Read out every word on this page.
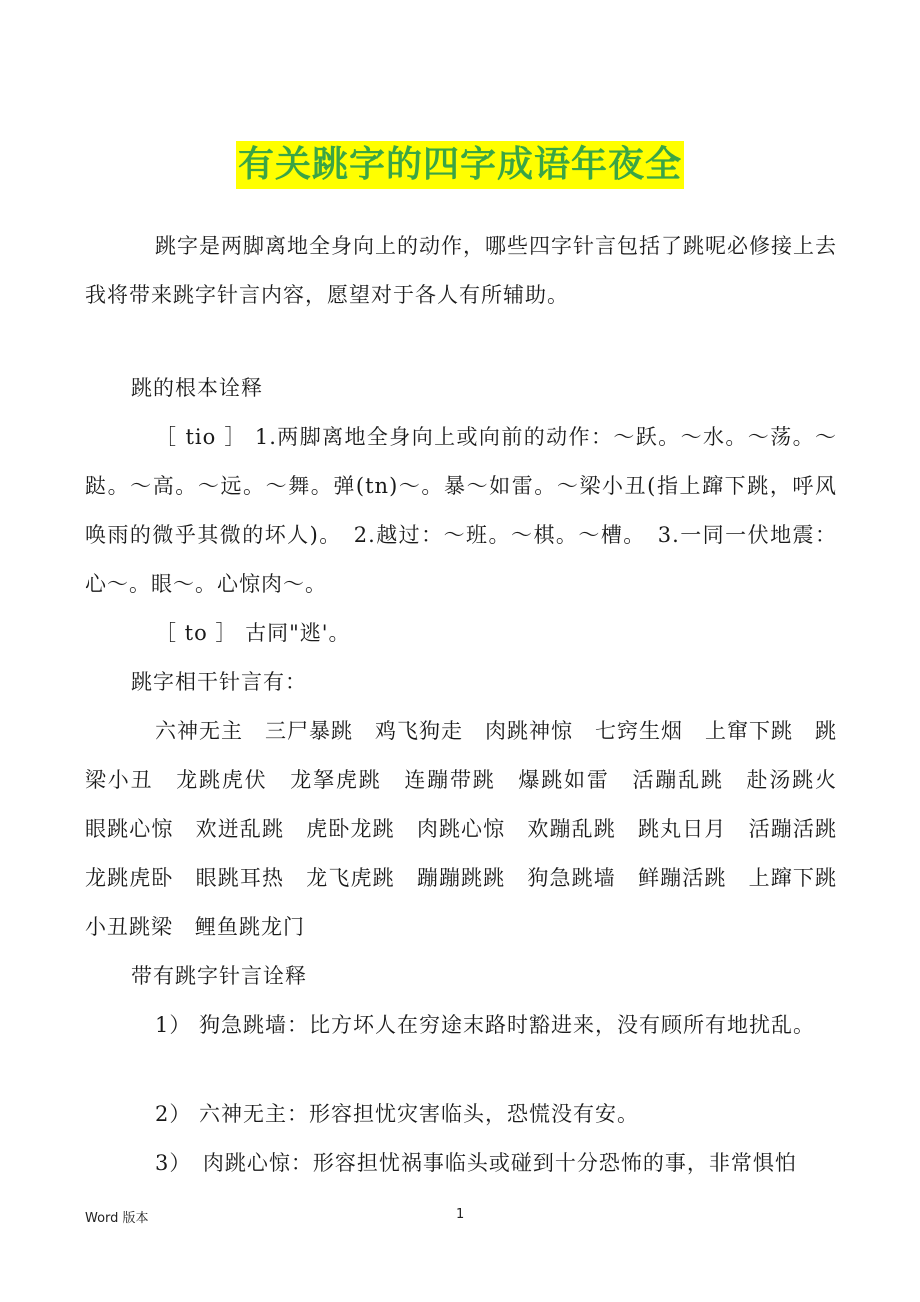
有关跳字的四字成语年夜全

跳字是两脚离地全身向上的动作，哪些四字针言包括了跳呢必修接上去我将带来跳字针言内容，愿望对于各人有所辅助。

跳的根本诠释

［ tio ］ 1.两脚离地全身向上或向前的动作：～跃。～水。～荡。～跶。～高。～远。～舞。弹(tn)～。暴～如雷。～梁小丑(指上蹿下跳，呼风唤雨的微乎其微的坏人)。　2.越过：～班。～棋。～槽。　3.一同一伏地震：心～。眼～。心惊肉～。

［ to ］ 古同"逃'。

跳字相干针言有：

六神无主　三尸暴跳　鸡飞狗走　肉跳神惊　七窍生烟　上窜下跳　跳梁小丑　龙跳虎伏　龙拏虎跳　连蹦带跳　爆跳如雷　活蹦乱跳　赴汤跳火　眼跳心惊　欢迸乱跳　虎卧龙跳　肉跳心惊　欢蹦乱跳　跳丸日月　活蹦活跳　龙跳虎卧　眼跳耳热　龙飞虎跳　蹦蹦跳跳　狗急跳墙　鲜蹦活跳　上蹿下跳　小丑跳梁　鲤鱼跳龙门

带有跳字针言诠释

1） 狗急跳墙：比方坏人在穷途末路时豁进来，没有顾所有地扰乱。

2） 六神无主：形容担忧灾害临头，恐慌没有安。

3）　肉跳心惊：形容担忧祸事临头或碰到十分恐怖的事，非常惧怕

Word 版本	1
